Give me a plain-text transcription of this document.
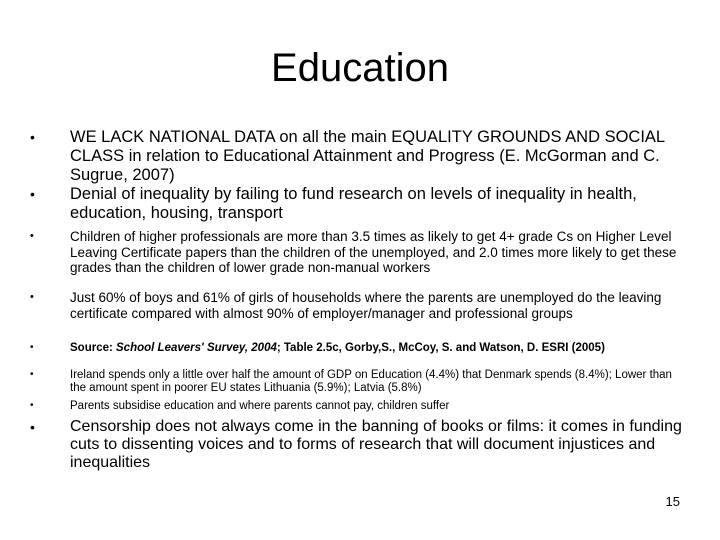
Education
• WE LACK NATIONAL DATA on all the main EQUALITY GROUNDS AND SOCIAL CLASS in relation to Educational Attainment and Progress (E. McGorman and C. Sugrue, 2007)
• Denial of inequality by failing to fund research on levels of inequality in health, education, housing, transport
•	Children of higher professionals are more than 3.5 times as likely to get 4+ grade Cs on Higher Level Leaving Certificate papers than the children of the unemployed, and 2.0 times more likely to get these grades than the children of lower grade non-manual workers
•	Just 60% of boys and 61% of girls of households where the parents are unemployed do the leaving certificate compared with almost 90% of employer/manager and professional groups
•	Source: School Leavers' Survey, 2004; Table 2.5c, Gorby,S., McCoy, S. and Watson, D. ESRI (2005)
•	Ireland spends only a little over half the amount of GDP on Education (4.4%) that Denmark spends (8.4%); Lower than the amount spent in poorer EU states Lithuania (5.9%); Latvia (5.8%)
•	Parents subsidise education and where parents cannot pay, children suffer
• Censorship does not always come in the banning of books or films: it comes in funding cuts to dissenting voices and to forms of research that will document injustices and inequalities
15
